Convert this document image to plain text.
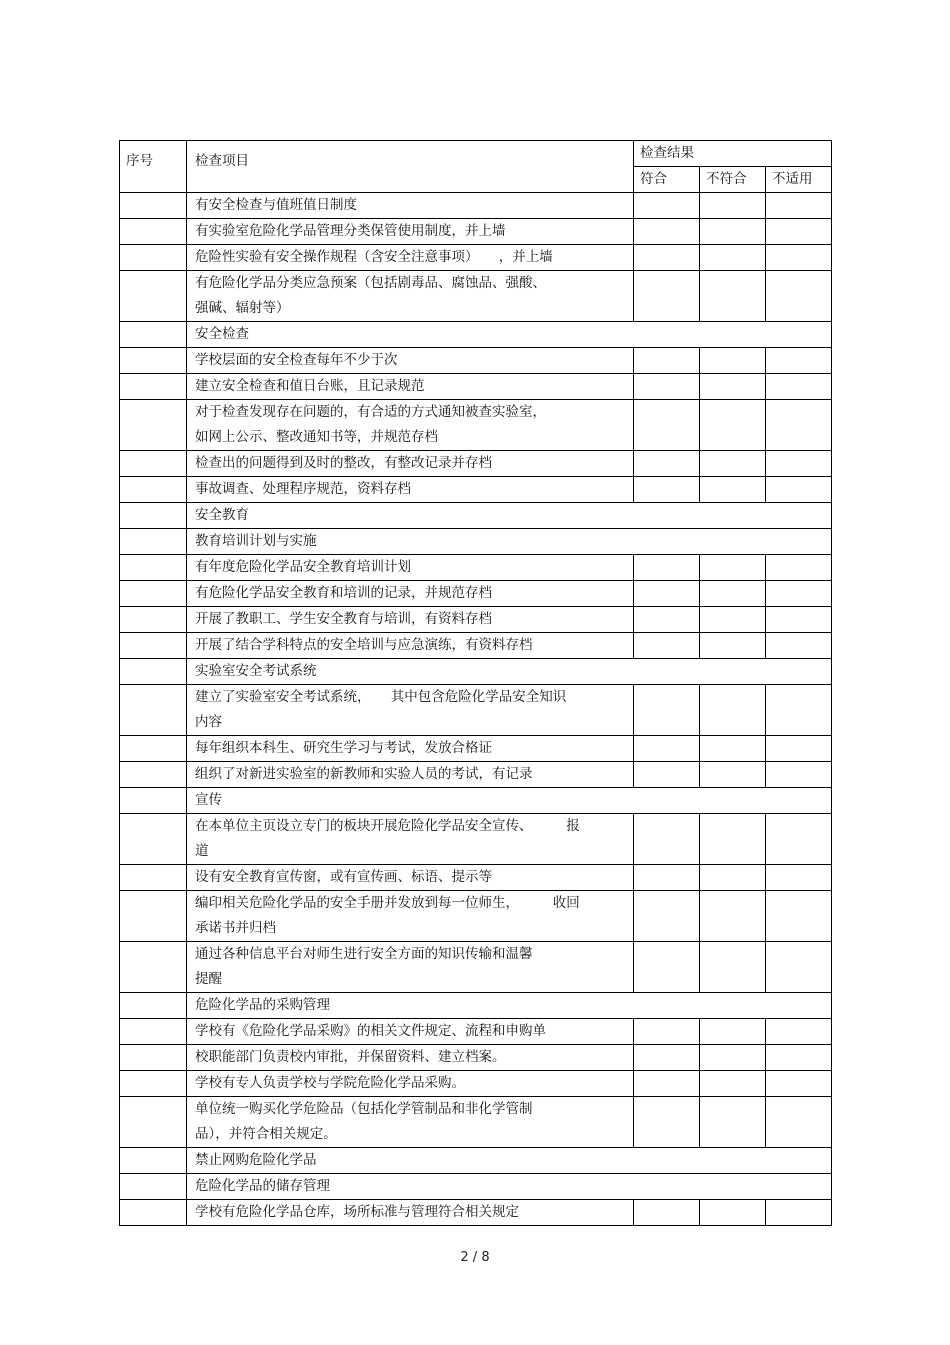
序号	检查项目	检查结果		
		符合	不符合	不适用

	有安全检查与值班值日制度			

	有实验室危险化学品管理分类保管使用制度，并上墙			

	危险性实验有安全操作规程（含安全注意事项）　　，并上墙			

	有危险化学品分类应急预案（包括剧毒品、腐蚀品、强酸、
强碱、辐射等）			

	安全检查			

	学校层面的安全检查每年不少于次			

	建立安全检查和值日台账，且记录规范			

	对于检查发现存在问题的，有合适的方式通知被查实验室，
如网上公示、整改通知书等，并规范存档			

	检查出的问题得到及时的整改，有整改记录并存档			

	事故调查、处理程序规范，资料存档			

	安全教育			

	教育培训计划与实施			

	有年度危险化学品安全教育培训计划			

	有危险化学品安全教育和培训的记录，并规范存档			

	开展了教职工、学生安全教育与培训，有资料存档			

	开展了结合学科特点的安全培训与应急演练，有资料存档			

	实验室安全考试系统			

	建立了实验室安全考试系统，　　其中包含危险化学品安全知识
内容			

	每年组织本科生、研究生学习与考试，发放合格证			

	组织了对新进实验室的新教师和实验人员的考试，有记录			

	宣传			

	在本单位主页设立专门的板块开展危险化学品安全宣传、　　　报
道			

	设有安全教育宣传窗，或有宣传画、标语、提示等			

	编印相关危险化学品的安全手册并发放到每一位师生，　　　收回
承诺书并归档			

	通过各种信息平台对师生进行安全方面的知识传输和温馨
提醒			

	危险化学品的采购管理			

	学校有《危险化学品采购》的相关文件规定、流程和申购单			

	校职能部门负责校内审批，并保留资料、建立档案。			

	学校有专人负责学校与学院危险化学品采购。			

	单位统一购买化学危险品（包括化学管制品和非化学管制
品），并符合相关规定。			

	禁止网购危险化学品			

	危险化学品的储存管理			

	学校有危险化学品仓库，场所标准与管理符合相关规定			

2 / 8
